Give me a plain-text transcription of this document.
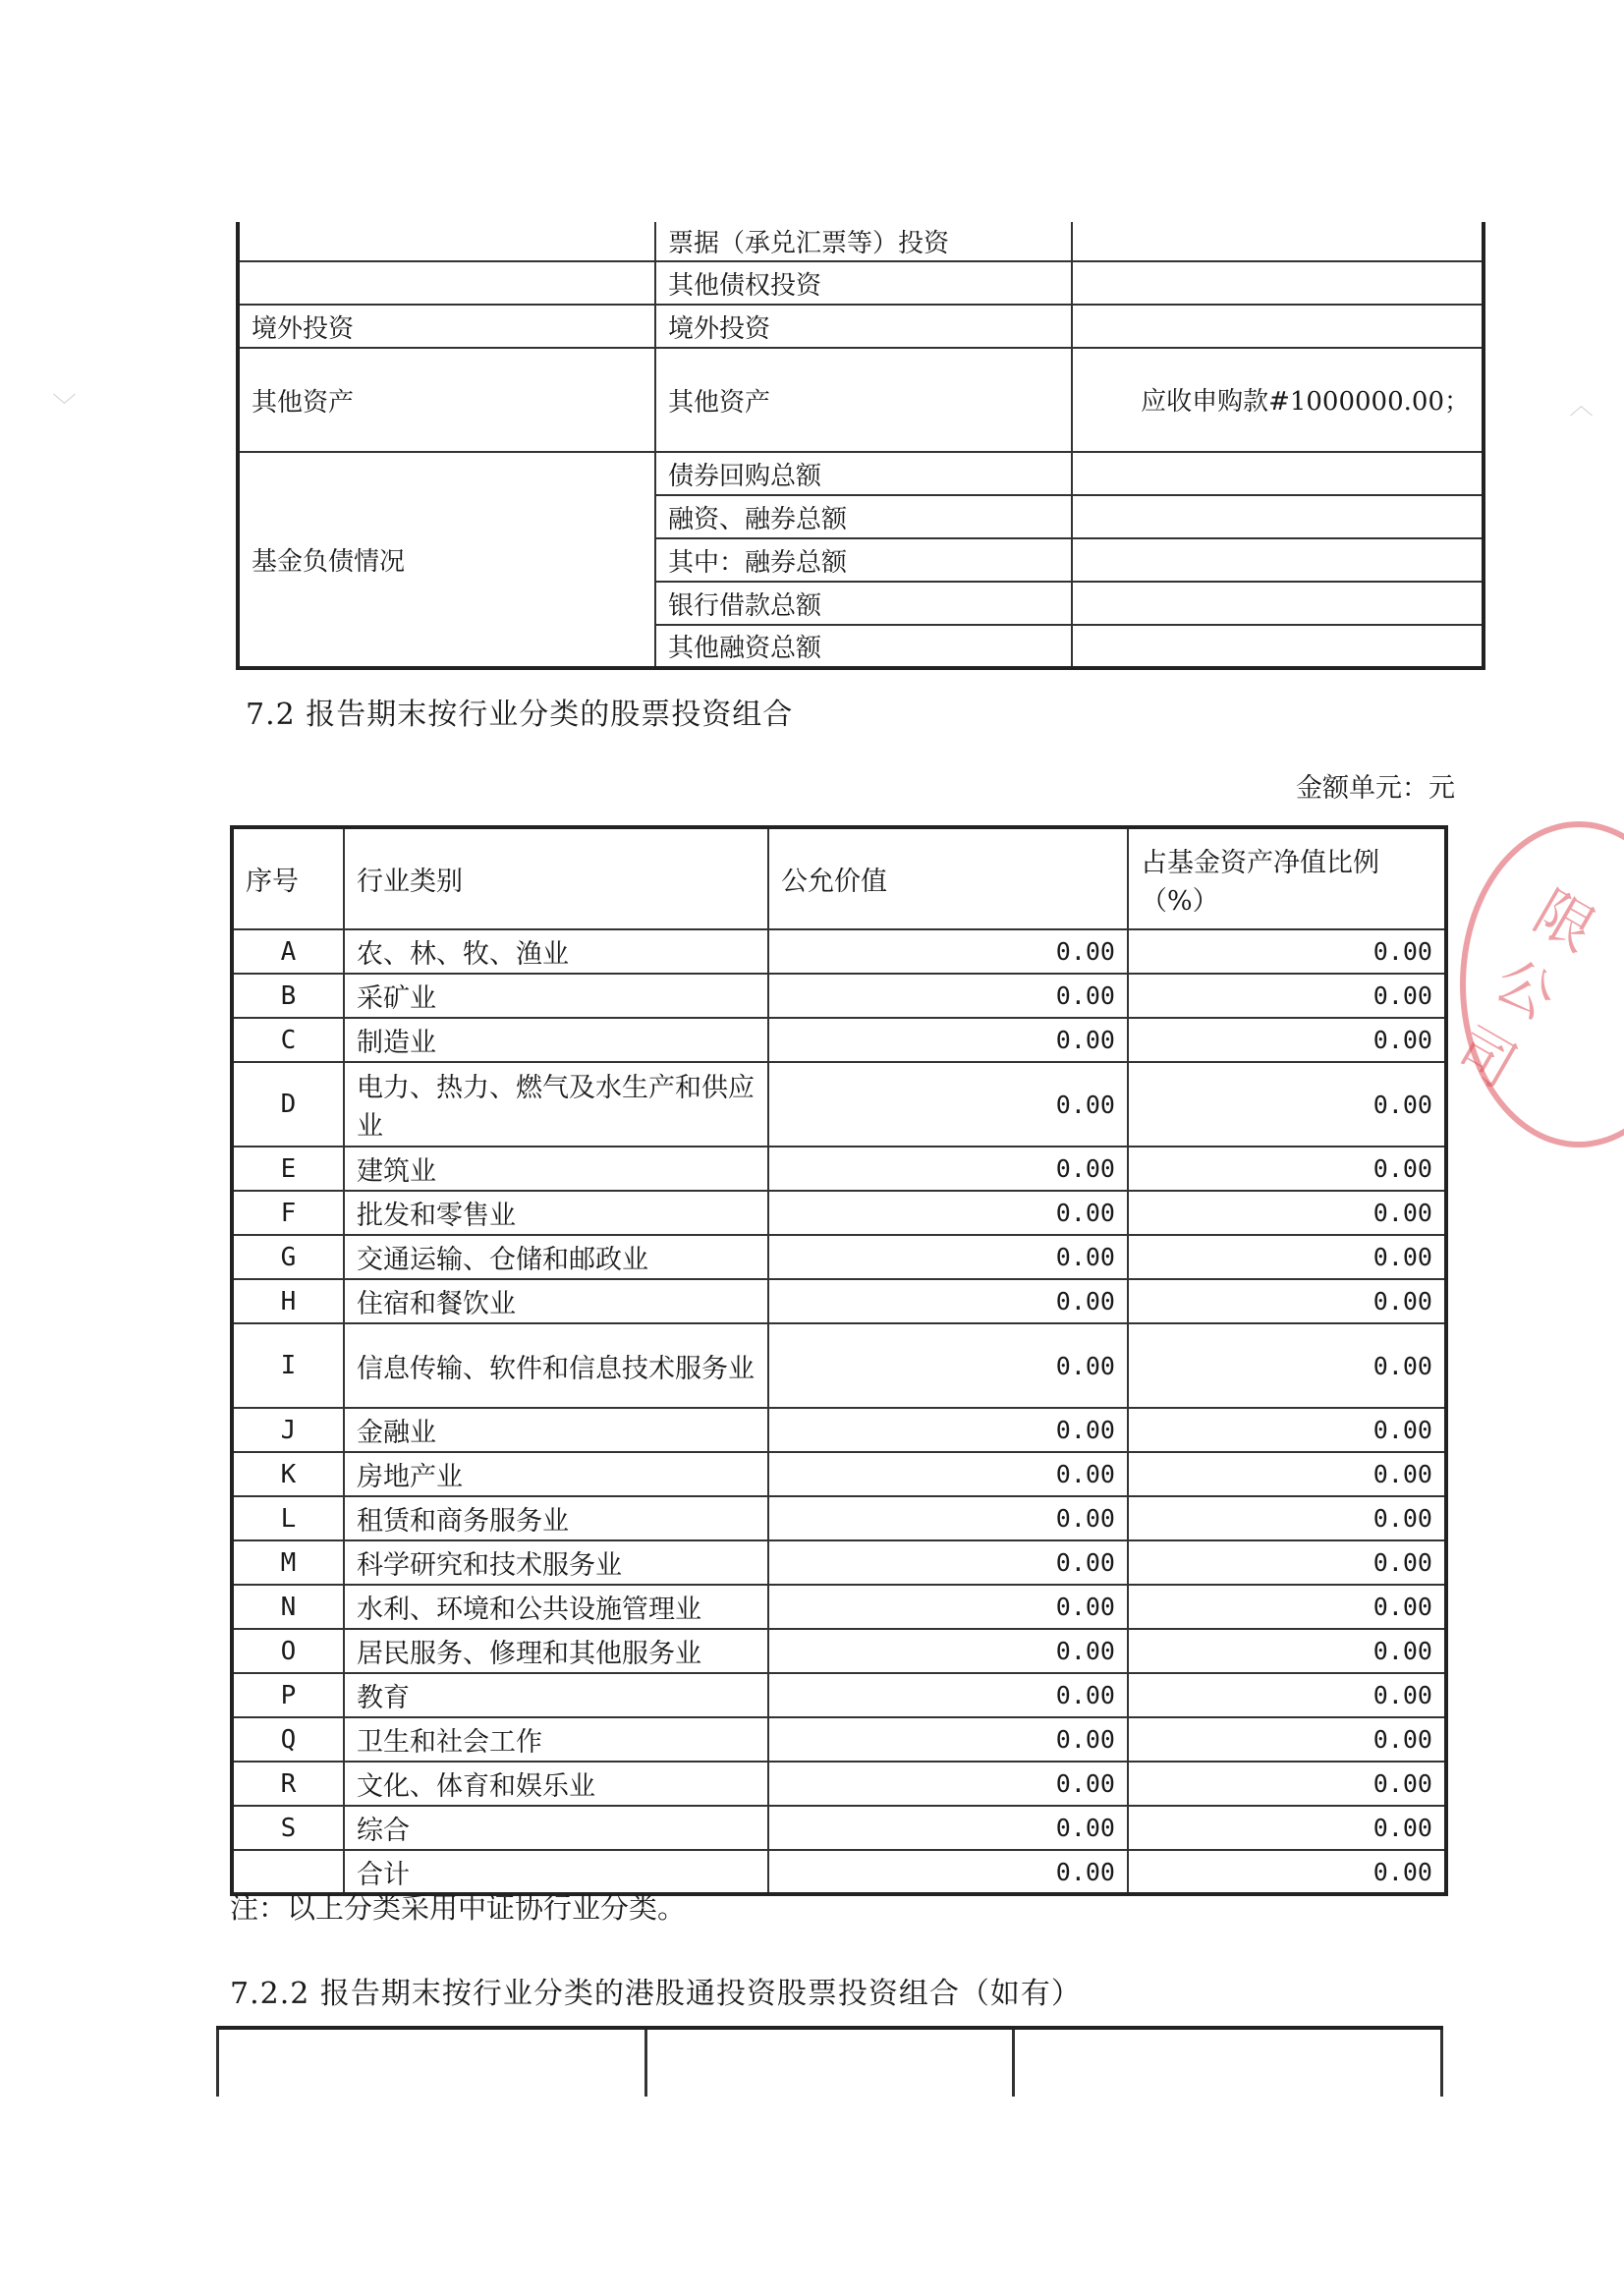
〉	〈
	票据（承兑汇票等）投资	
	其他债权投资	
境外投资	境外投资	
其他资产	其他资产	应收申购款#1000000.00；
基金负债情况	债券回购总额	
	融资、融券总额	
	其中：融券总额	
	银行借款总额	
	其他融资总额	
7.2 报告期末按行业分类的股票投资组合
金额单元：元
序号	行业类别	公允价值	占基金资产净值比例（%）
A	农、林、牧、渔业	0.00	0.00
B	采矿业	0.00	0.00
C	制造业	0.00	0.00
D	电力、热力、燃气及水生产和供应业	0.00	0.00
E	建筑业	0.00	0.00
F	批发和零售业	0.00	0.00
G	交通运输、仓储和邮政业	0.00	0.00
H	住宿和餐饮业	0.00	0.00
I	信息传输、软件和信息技术服务业	0.00	0.00
J	金融业	0.00	0.00
K	房地产业	0.00	0.00
L	租赁和商务服务业	0.00	0.00
M	科学研究和技术服务业	0.00	0.00
N	水利、环境和公共设施管理业	0.00	0.00
O	居民服务、修理和其他服务业	0.00	0.00
P	教育	0.00	0.00
Q	卫生和社会工作	0.00	0.00
R	文化、体育和娱乐业	0.00	0.00
S	综合	0.00	0.00
	合计	0.00	0.00
注：以上分类采用中证协行业分类。
7.2.2 报告期末按行业分类的港股通投资股票投资组合（如有）

限公司
